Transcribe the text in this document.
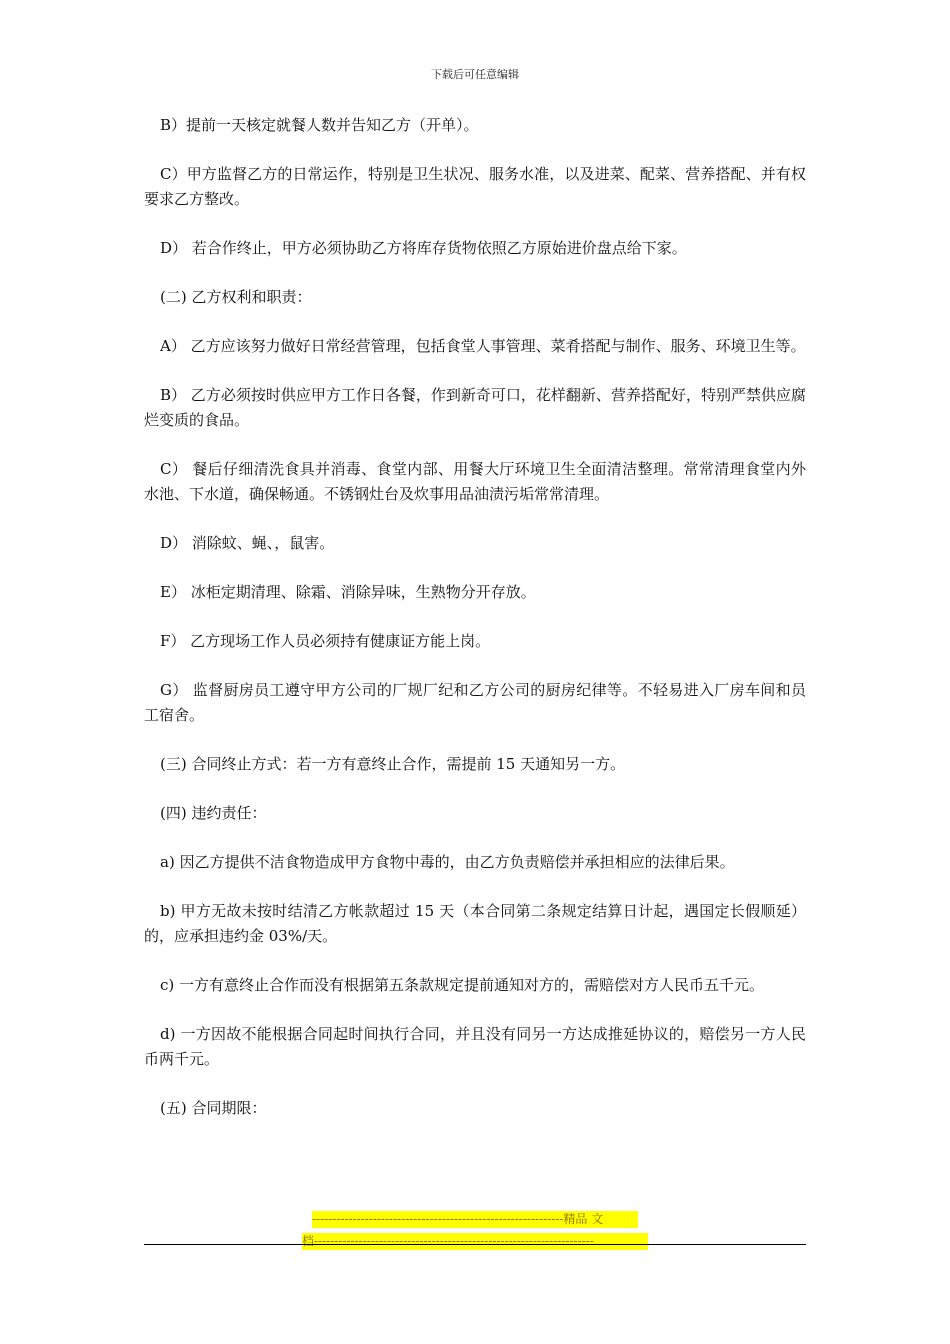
下载后可任意编辑

B）提前一天核定就餐人数并告知乙方（开单）。

C）甲方监督乙方的日常运作，特别是卫生状况、服务水准，以及进菜、配菜、营养搭配、并有权要求乙方整改。

D） 若合作终止，甲方必须协助乙方将库存货物依照乙方原始进价盘点给下家。

(二) 乙方权利和职责：

A） 乙方应该努力做好日常经营管理，包括食堂人事管理、菜肴搭配与制作、服务、环境卫生等。

B） 乙方必须按时供应甲方工作日各餐，作到新奇可口，花样翻新、营养搭配好，特别严禁供应腐烂变质的食品。

C） 餐后仔细清洗食具并消毒、食堂内部、用餐大厅环境卫生全面清洁整理。常常清理食堂内外水池、下水道，确保畅通。不锈钢灶台及炊事用品油渍污垢常常清理。

D） 消除蚊、蝇、，鼠害。

E） 冰柜定期清理、除霜、消除异味，生熟物分开存放。

F） 乙方现场工作人员必须持有健康证方能上岗。

G） 监督厨房员工遵守甲方公司的厂规厂纪和乙方公司的厨房纪律等。不轻易进入厂房车间和员工宿舍。

(三) 合同终止方式：若一方有意终止合作，需提前 15 天通知另一方。

(四) 违约责任：

a) 因乙方提供不洁食物造成甲方食物中毒的，由乙方负责赔偿并承担相应的法律后果。

b) 甲方无故未按时结清乙方帐款超过 15 天（本合同第二条规定结算日计起，遇国定长假顺延）的，应承担违约金 03%/天。

c) 一方有意终止合作而没有根据第五条款规定提前通知对方的，需赔偿对方人民币五千元。

d) 一方因故不能根据合同起时间执行合同，并且没有同另一方达成推延协议的，赔偿另一方人民币两千元。

(五) 合同期限：

--------------------------------------------------------------精品 文
档---------------------------------------------------------------------
